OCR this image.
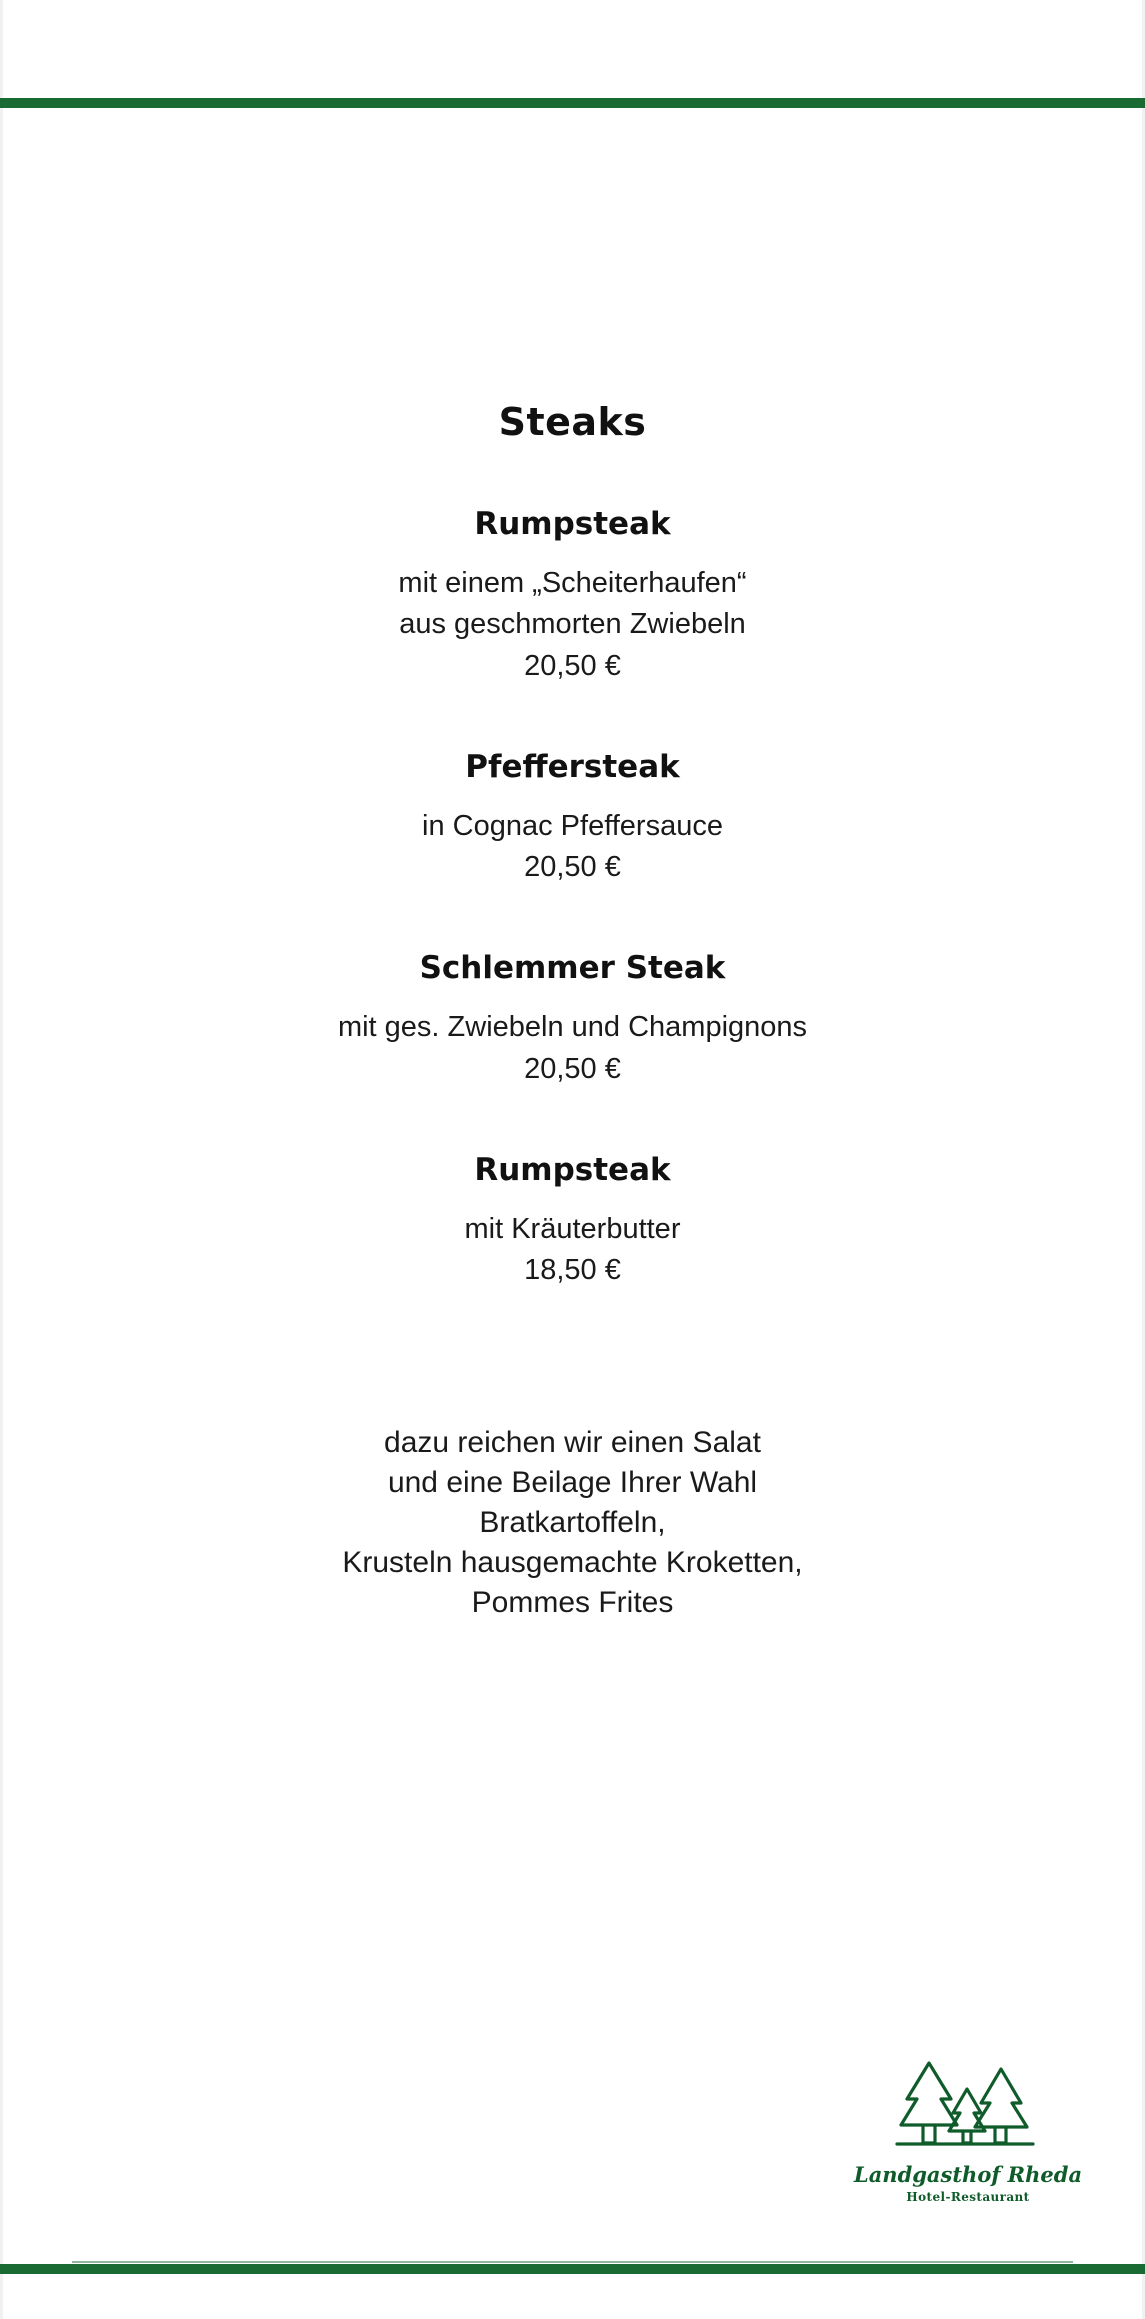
Steaks
Rumpsteak
mit einem „Scheiterhaufen“
aus geschmorten Zwiebeln
20,50 €
Pfeffersteak
in Cognac Pfeffersauce
20,50 €
Schlemmer Steak
mit ges. Zwiebeln und Champignons
20,50 €
Rumpsteak
mit Kräuterbutter
18,50 €
dazu reichen wir einen Salat
und eine Beilage Ihrer Wahl
Bratkartoffeln,
Krusteln hausgemachte Kroketten,
Pommes Frites
Landgasthof Rheda
Hotel-Restaurant
